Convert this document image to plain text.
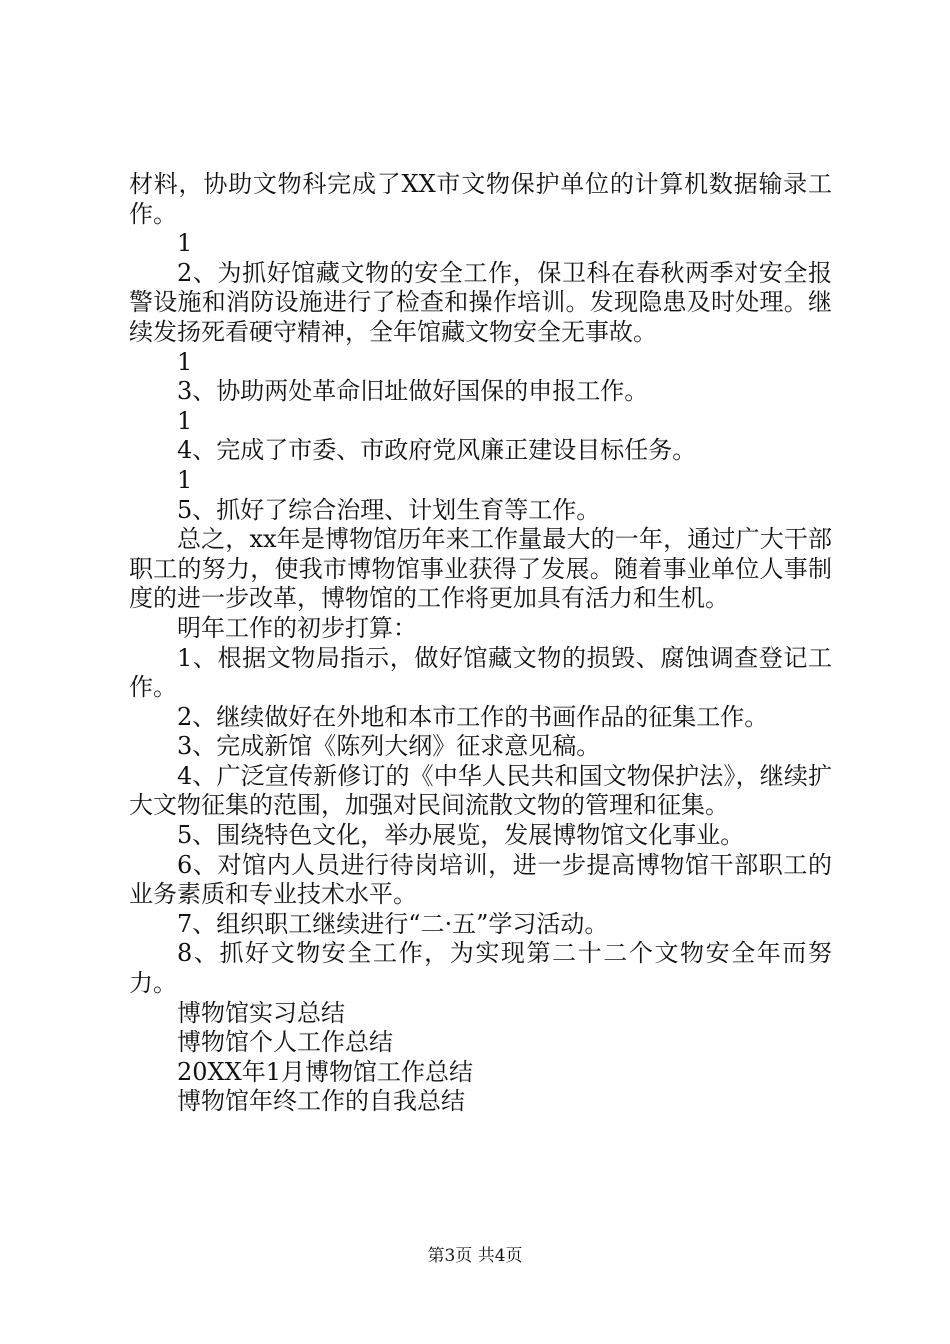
材料，协助文物科完成了XX市文物保护单位的计算机数据输录工作。

1

2、为抓好馆藏文物的安全工作，保卫科在春秋两季对安全报警设施和消防设施进行了检查和操作培训。发现隐患及时处理。继续发扬死看硬守精神，全年馆藏文物安全无事故。

1

3、协助两处革命旧址做好国保的申报工作。

1

4、完成了市委、市政府党风廉正建设目标任务。

1

5、抓好了综合治理、计划生育等工作。

总之，xx年是博物馆历年来工作量最大的一年，通过广大干部职工的努力，使我市博物馆事业获得了发展。随着事业单位人事制度的进一步改革，博物馆的工作将更加具有活力和生机。

明年工作的初步打算：

1、根据文物局指示，做好馆藏文物的损毁、腐蚀调查登记工作。

2、继续做好在外地和本市工作的书画作品的征集工作。

3、完成新馆《陈列大纲》征求意见稿。

4、广泛宣传新修订的《中华人民共和国文物保护法》，继续扩大文物征集的范围，加强对民间流散文物的管理和征集。

5、围绕特色文化，举办展览，发展博物馆文化事业。

6、对馆内人员进行待岗培训，进一步提高博物馆干部职工的业务素质和专业技术水平。

7、组织职工继续进行“二·五”学习活动。

8、抓好文物安全工作，为实现第二十二个文物安全年而努力。

博物馆实习总结

博物馆个人工作总结

20XX年1月博物馆工作总结

博物馆年终工作的自我总结

第3页 共4页
